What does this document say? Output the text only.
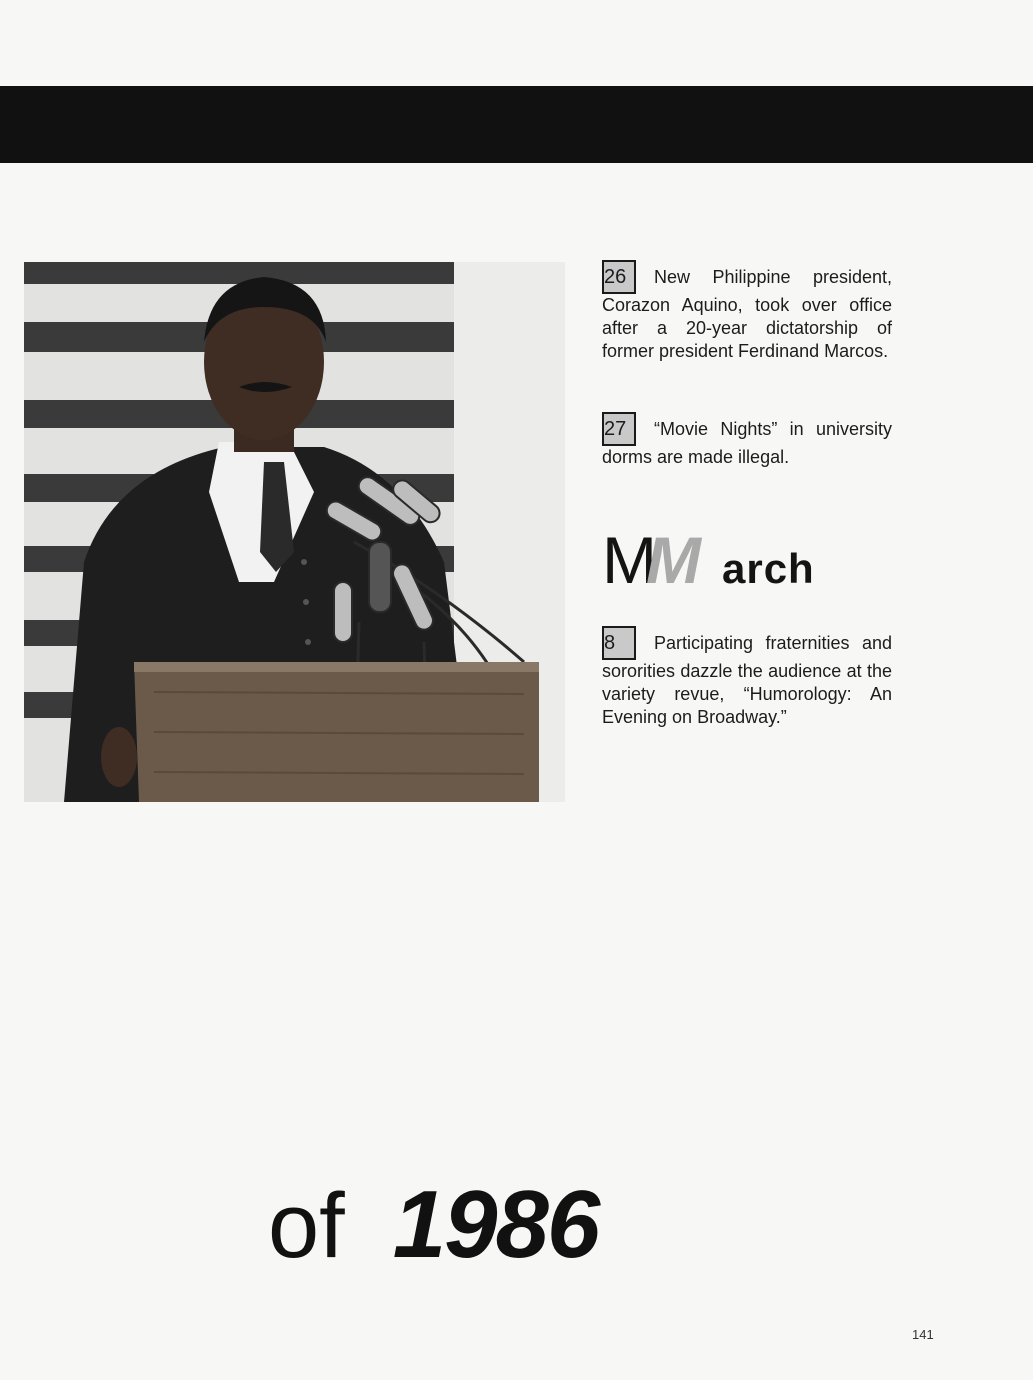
26 New Philippine president, Corazon Aquino, took over office after a 20-year dictatorship of former president Ferdinand Marcos.

27 “Movie Nights” in university dorms are made illegal.

M
M arch

8 Participating fraternities and sororities dazzle the audience at the variety revue, “Humorology: An Evening on Broadway.”

of 1986
141
